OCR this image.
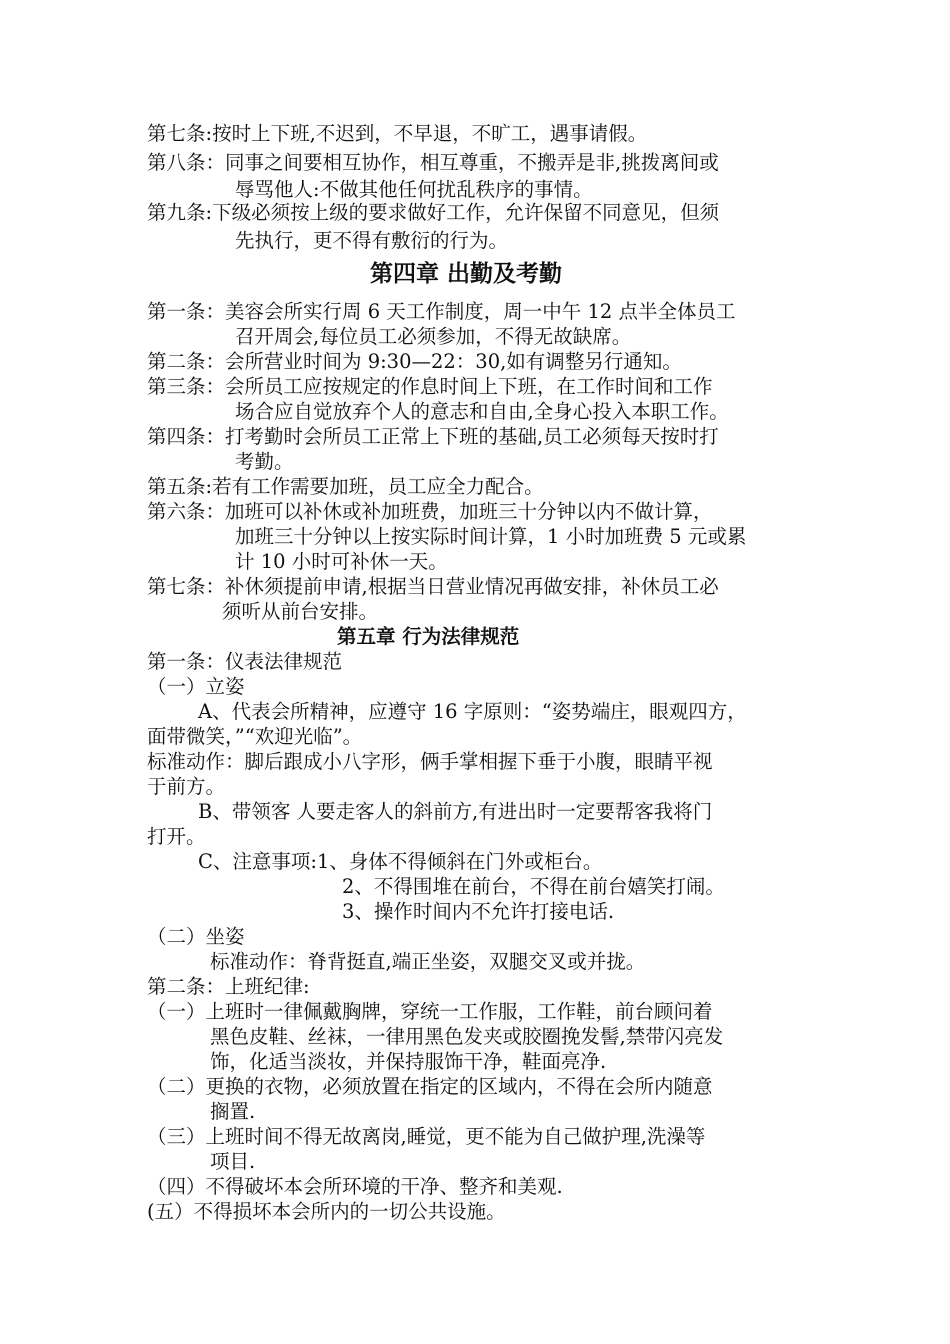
第七条:按时上下班,不迟到，不早退，不旷工，遇事请假。
第八条：同事之间要相互协作，相互尊重，不搬弄是非,挑拨离间或
辱骂他人:不做其他任何扰乱秩序的事情。
第九条:下级必须按上级的要求做好工作，允许保留不同意见，但须
先执行，更不得有敷衍的行为。
第四章 出勤及考勤
第一条：美容会所实行周 6 天工作制度，周一中午 12 点半全体员工
召开周会,每位员工必须参加，不得无故缺席。
第二条：会所营业时间为 9:30—22：30,如有调整另行通知。
第三条：会所员工应按规定的作息时间上下班，在工作时间和工作
场合应自觉放弃个人的意志和自由,全身心投入本职工作。
第四条：打考勤时会所员工正常上下班的基础,员工必须每天按时打
考勤。
第五条:若有工作需要加班，员工应全力配合。
第六条：加班可以补休或补加班费，加班三十分钟以内不做计算，
加班三十分钟以上按实际时间计算，1 小时加班费 5 元或累
计 10 小时可补休一天。
第七条：补休须提前申请,根据当日营业情况再做安排，补休员工必
须听从前台安排。
第五章 行为法律规范
第一条：仪表法律规范
（一）立姿
A、代表会所精神，应遵守 16 字原则：“姿势端庄，眼观四方，
面带微笑，”“欢迎光临”。
标准动作：脚后跟成小八字形，俩手掌相握下垂于小腹，眼睛平视
于前方。
B、带领客 人要走客人的斜前方,有进出时一定要帮客我将门
打开。
C、注意事项:1、身体不得倾斜在门外或柜台。
2、不得围堆在前台，不得在前台嬉笑打闹。
3、操作时间内不允许打接电话.
（二）坐姿
标准动作：脊背挺直,端正坐姿，双腿交叉或并拢。
第二条：上班纪律:
（一）上班时一律佩戴胸牌，穿统一工作服，工作鞋，前台顾问着
黑色皮鞋、丝袜，一律用黑色发夹或胶圈挽发髻,禁带闪亮发
饰，化适当淡妆，并保持服饰干净，鞋面亮净.
（二）更换的衣物，必须放置在指定的区域内，不得在会所内随意
搁置.
（三）上班时间不得无故离岗,睡觉，更不能为自己做护理,洗澡等
项目.
（四）不得破坏本会所环境的干净、整齐和美观.
(五）不得损坏本会所内的一切公共设施。
